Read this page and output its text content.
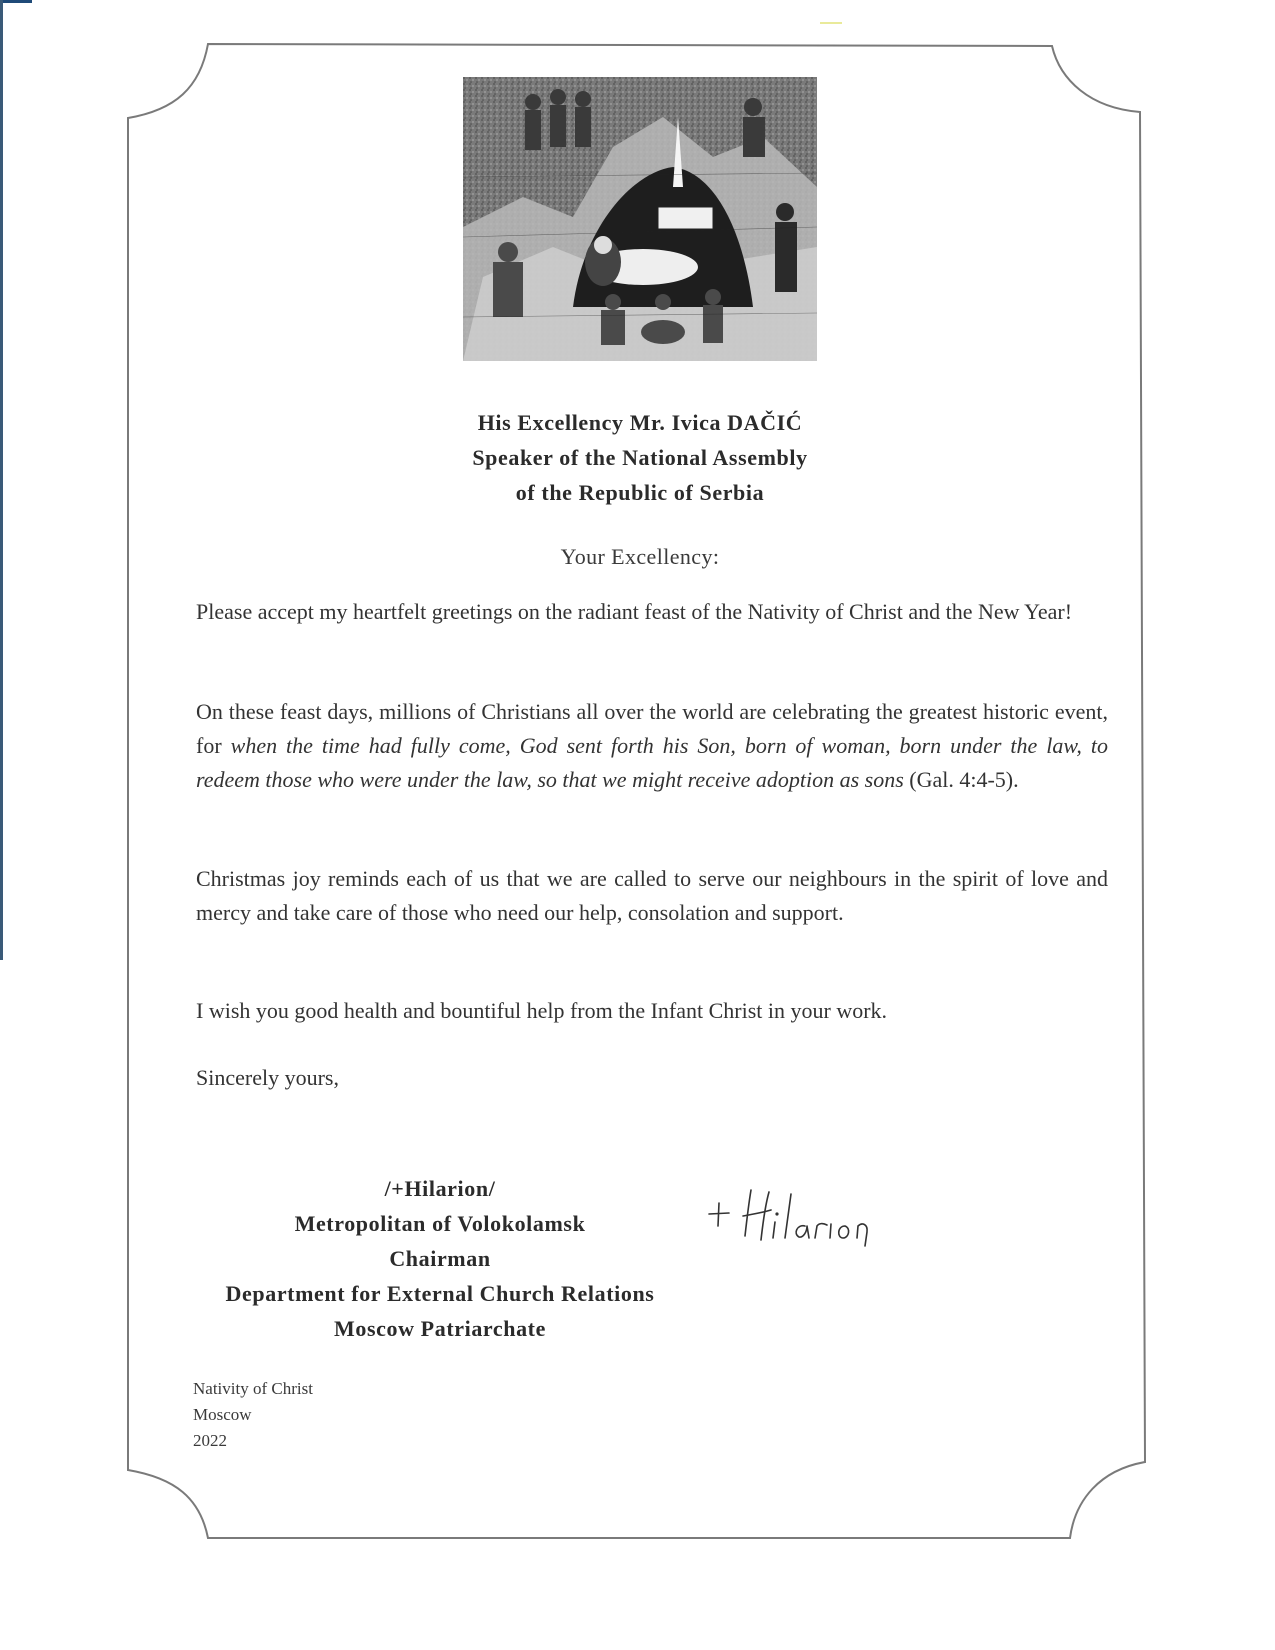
His Excellency Mr. Ivica DAČIĆ
Speaker of the National Assembly
of the Republic of Serbia
Your Excellency:
Please accept my heartfelt greetings on the radiant feast of the Nativity of Christ and the New Year!
On these feast days, millions of Christians all over the world are celebrating the greatest historic event, for when the time had fully come, God sent forth his Son, born of woman, born under the law, to redeem those who were under the law, so that we might receive adoption as sons (Gal. 4:4-5).
Christmas joy reminds each of us that we are called to serve our neighbours in the spirit of love and mercy and take care of those who need our help, consolation and support.
I wish you good health and bountiful help from the Infant Christ in your work.
Sincerely yours,
/+Hilarion/
Metropolitan of Volokolamsk
Chairman
Department for External Church Relations
Moscow Patriarchate
Nativity of Christ
Moscow
2022
